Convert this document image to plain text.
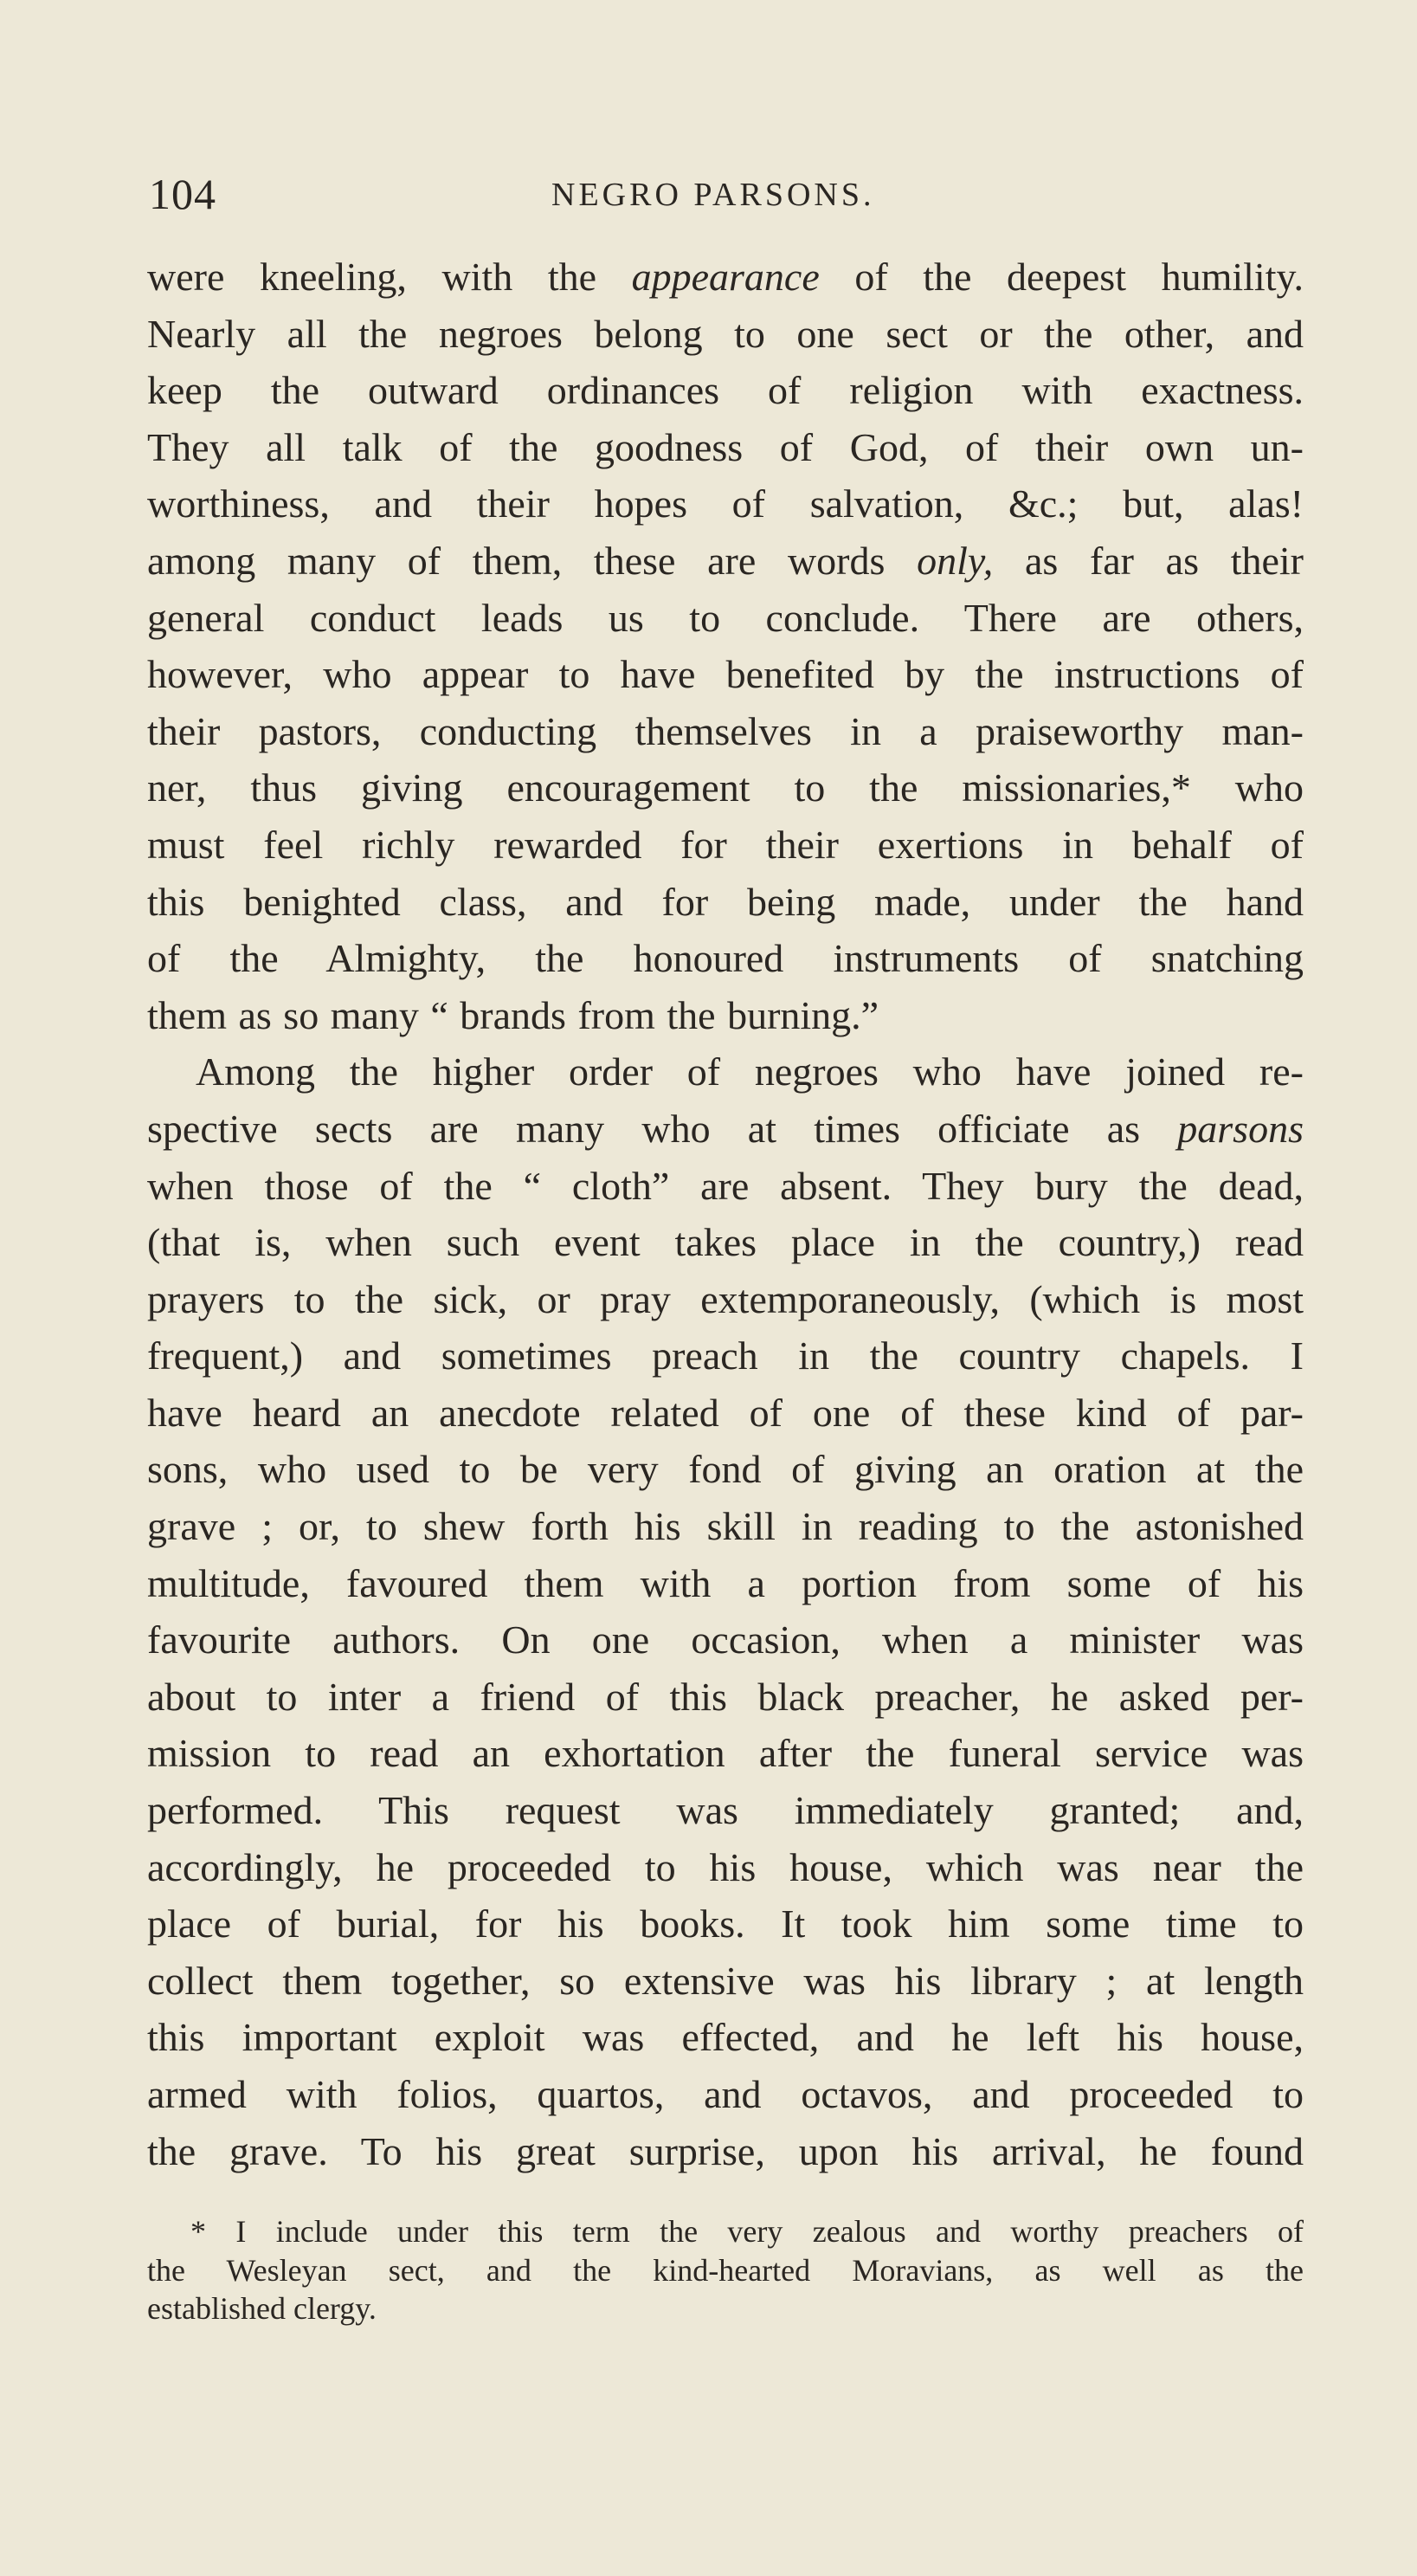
104	NEGRO PARSONS.
were kneeling, with the appearance of the deepest humility.
Nearly all the negroes belong to one sect or the other, and
keep the outward ordinances of religion with exactness.
They all talk of the goodness of God, of their own un-
worthiness, and their hopes of salvation, &c.; but, alas!
among many of them, these are words only, as far as their
general conduct leads us to conclude. There are others,
however, who appear to have benefited by the instructions of
their pastors, conducting themselves in a praiseworthy man-
ner, thus giving encouragement to the missionaries,* who
must feel richly rewarded for their exertions in behalf of
this benighted class, and for being made, under the hand
of the Almighty, the honoured instruments of snatching
them as so many “ brands from the burning.”
Among the higher order of negroes who have joined re-
spective sects are many who at times officiate as parsons
when those of the “ cloth” are absent. They bury the dead,
(that is, when such event takes place in the country,) read
prayers to the sick, or pray extemporaneously, (which is most
frequent,) and sometimes preach in the country chapels. I
have heard an anecdote related of one of these kind of par-
sons, who used to be very fond of giving an oration at the
grave ; or, to shew forth his skill in reading to the astonished
multitude, favoured them with a portion from some of his
favourite authors. On one occasion, when a minister was
about to inter a friend of this black preacher, he asked per-
mission to read an exhortation after the funeral service was
performed. This request was immediately granted; and,
accordingly, he proceeded to his house, which was near the
place of burial, for his books. It took him some time to
collect them together, so extensive was his library ; at length
this important exploit was effected, and he left his house,
armed with folios, quartos, and octavos, and proceeded to
the grave. To his great surprise, upon his arrival, he found
* I include under this term the very zealous and worthy preachers of
the Wesleyan sect, and the kind-hearted Moravians, as well as the
established clergy.
